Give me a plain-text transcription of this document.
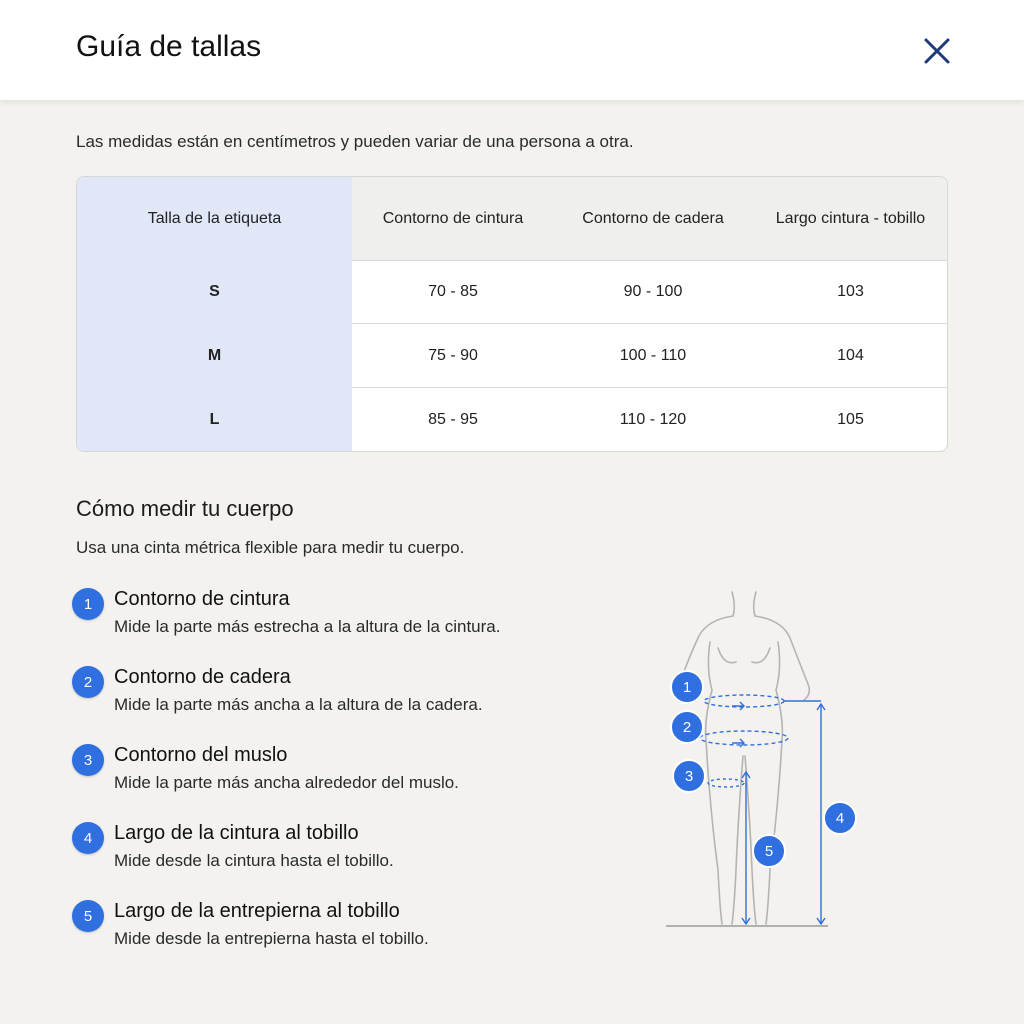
Guía de tallas
Las medidas están en centímetros y pueden variar de una persona a otra.
Talla de la etiqueta	Contorno de cintura	Contorno de cadera	Largo cintura - tobillo
S	70 - 85	90 - 100	103
M	75 - 90	100 - 110	104
L	85 - 95	110 - 120	105
Cómo medir tu cuerpo
Usa una cinta métrica flexible para medir tu cuerpo.
1	Contorno de cintura
Mide la parte más estrecha a la altura de la cintura.
2	Contorno de cadera
Mide la parte más ancha a la altura de la cadera.
3	Contorno del muslo
Mide la parte más ancha alrededor del muslo.
4	Largo de la cintura al tobillo
Mide desde la cintura hasta el tobillo.
5	Largo de la entrepierna al tobillo
Mide desde la entrepierna hasta el tobillo.
1
2
3
4
5
